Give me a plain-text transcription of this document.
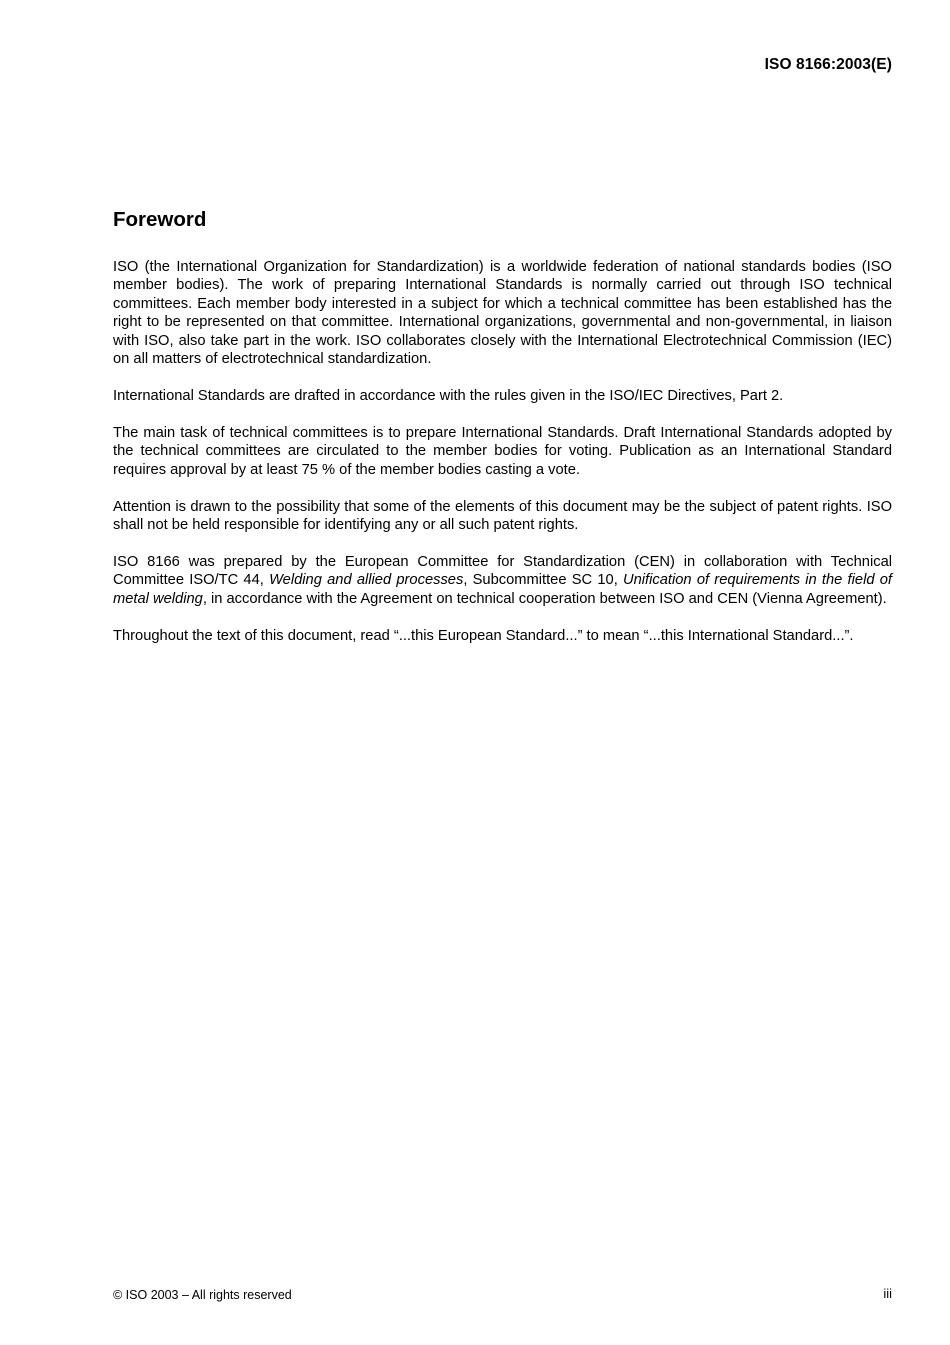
ISO 8166:2003(E)
Foreword

ISO (the International Organization for Standardization) is a worldwide federation of national standards bodies (ISO member bodies). The work of preparing International Standards is normally carried out through ISO technical committees. Each member body interested in a subject for which a technical committee has been established has the right to be represented on that committee. International organizations, governmental and non-governmental, in liaison with ISO, also take part in the work. ISO collaborates closely with the International Electrotechnical Commission (IEC) on all matters of electrotechnical standardization.

International Standards are drafted in accordance with the rules given in the ISO/IEC Directives, Part 2.

The main task of technical committees is to prepare International Standards. Draft International Standards adopted by the technical committees are circulated to the member bodies for voting. Publication as an International Standard requires approval by at least 75 % of the member bodies casting a vote.

Attention is drawn to the possibility that some of the elements of this document may be the subject of patent rights. ISO shall not be held responsible for identifying any or all such patent rights.

ISO 8166 was prepared by the European Committee for Standardization (CEN) in collaboration with Technical Committee ISO/TC 44, Welding and allied processes, Subcommittee SC 10, Unification of requirements in the field of metal welding, in accordance with the Agreement on technical cooperation between ISO and CEN (Vienna Agreement).

Throughout the text of this document, read “...this European Standard...” to mean “...this International Standard...”.

© ISO 2003 – All rights reserved	iii
